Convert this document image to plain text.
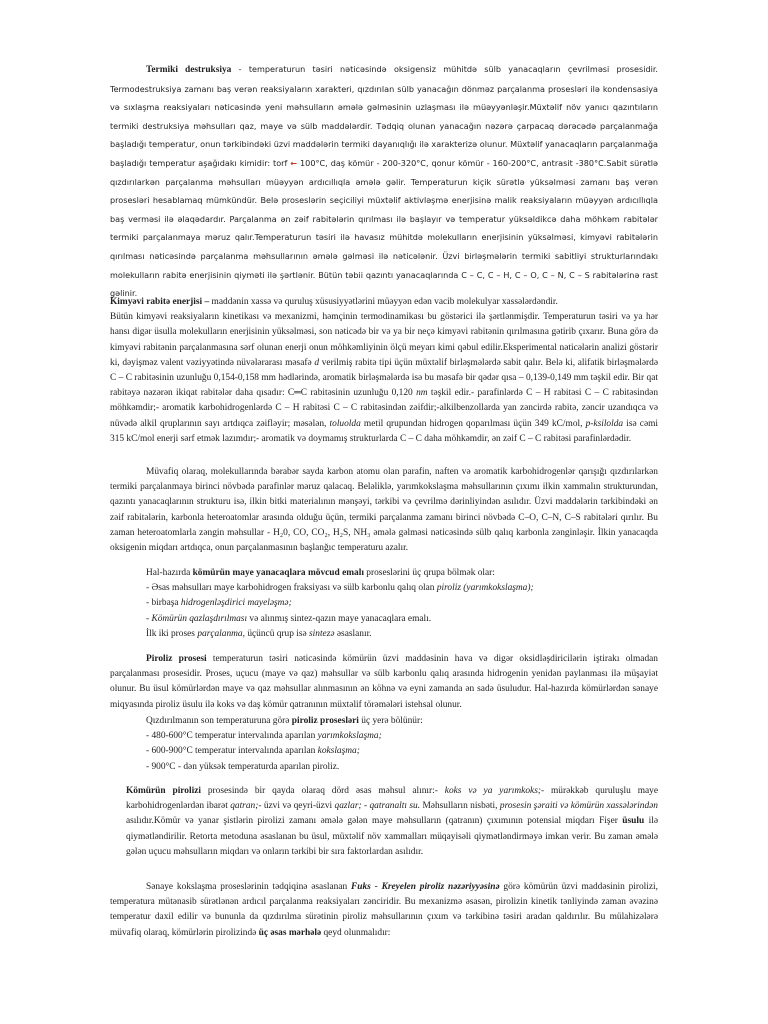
Termiki destruksiya - temperaturun təsiri nəticəsində oksigensiz mühitdə sülb yanacaqların çevrilməsi prosesidir. Termodestruksiya zamanı baş verən reaksiyaların xarakteri, qızdırılan sülb yanacağın dönməz parçalanma prosesləri ilə kondensasiya və sıxlaşma reaksiyaları nəticəsində yeni məhsulların əmələ gəlməsinin uzlaşması ilə müəyyənləşir.Müxtəlif növ yanıcı qazıntıların termiki destruksiya məhsulları qaz, maye və sülb maddələrdir. Tədqiq olunan yanacağın nəzərə çarpacaq dərəcədə parçalanmağa başladığı temperatur, onun tərkibindəki üzvi maddələrin termiki dayanıqlığı ilə xarakterizə olunur. Müxtəlif yanacaqların parçalanmağa başladığı temperatur aşağıdakı kimidir: torf ← 100°C, daş kömür - 200-320°C, qonur kömür - 160-200°C, antrasit -380°C.Sabit sürətlə qızdırılarkən parçalanma məhsulları müəyyən ardıcıllıqla əmələ gəlir. Temperaturun kiçik sürətlə yüksəlməsi zamanı baş verən prosesləri hesablamaq mümkündür. Belə proseslərin seçiciliyi müxtəlif aktivləşmə enerjisinə malik reaksiyaların müəyyən ardıcıllıqla baş verməsi ilə əlaqədardır. Parçalanma ən zəif rabitələrin qırılması ilə başlayır və temperatur yüksəldikcə daha möhkəm rabitələr termiki parçalanmaya məruz qalır.Temperaturun təsiri ilə havasız mühitdə molekulların enerjisinin yüksəlməsi, kimyəvi rabitələrin qırılması nəticəsində parçalanma məhsullarının əmələ gəlməsi ilə nəticələnir. Üzvi birləşmələrin termiki sabitliyi strukturlarındakı molekulların rabitə enerjisinin qiyməti ilə şərtlənir. Bütün təbii qazıntı yanacaqlarında C – C, C – H, C – O, C – N, C – S rabitələrinə rast gəlinir.

Kimyəvi rabitə enerjisi – maddənin xassə və quruluş xüsusiyyətlərini müəyyən edən vacib molekulyar xassələrdəndir.
Bütün kimyəvi reaksiyaların kinetikası və mexanizmi, həmçinin termodinamikası bu göstərici ilə şərtlənmişdir. Temperaturun təsiri və ya hər hansı digər üsulla molekulların enerjisinin yüksəlməsi, son nəticədə bir və ya bir neçə kimyəvi rabitənin qırılmasına gətirib çıxarır. Buna görə də kimyəvi rabitənin parçalanmasına sərf olunan enerji onun möhkəmliyinin ölçü meyarı kimi qəbul edilir.Eksperimental nəticələrin analizi göstərir ki, dəyişməz valent vəziyyətində nüvələrarası məsafə d verilmiş rabitə tipi üçün müxtəlif birləşmələrdə sabit qalır. Belə ki, alifatik birləşmələrdə C – C rabitəsinin uzunluğu 0,154-0,158 mm hədlərində, aromatik birləşmələrdə isə bu məsafə bir qədər qısa – 0,139-0,149 mm təşkil edir. Bir qat rabitəyə nəzərən ikiqat rabitələr daha qısadır: C═C rabitəsinin uzunluğu 0,120 nm təşkil edir.- parafinlərdə C – H rabitəsi C – C rabitəsindən möhkəmdir;- aromatik karbohidrogenlərdə C – H rabitəsi C – C rabitəsindən zəifdir;-alkilbenzollarda yan zəncirdə rabitə, zəncir uzandıqca və nüvədə alkil qruplarının sayı artdıqca zəifləyir; məsələn, toluolda metil qrupundan hidrogen qoparılması üçün 349 kC/mol, p-ksilolda isə cəmi 315 kC/mol enerji sərf etmək lazımdır;- aromatik və doymamış strukturlarda C – C daha möhkəmdir, ən zəif C – C rabitəsi parafinlərdədir.

Müvafiq olaraq, molekullarında bərabər sayda karbon atomu olan parafin, naften və aromatik karbohidrogenlər qarışığı qızdırılarkən termiki parçalanmaya birinci növbədə parafinlər məruz qalacaq. Beləliklə, yarımkokslaşma məhsullarının çıxımı ilkin xammalın strukturundan, qazıntı yanacaqlarının strukturu isə, ilkin bitki materialının mənşəyi, tərkibi və çevrilmə dərinliyindən asılıdır. Üzvi maddələrin tərkibindəki ən zəif rabitələrin, karbonla heteroatomlar arasında olduğu üçün, termiki parçalanma zamanı birinci növbədə C–O, C–N, C–S rabitələri qırılır. Bu zaman heteroatomlarla zəngin məhsullar - H₂0, CO, CO₂, H₂S, NH₃ əmələ gəlməsi nəticəsində sülb qalıq karbonla zənginləşir. İlkin yanacaqda oksigenin miqdarı artdıqca, onun parçalanmasının başlanğıc temperaturu azalır.

Hal-hazırda kömürün maye yanacaqlara mövcud emalı proseslərini üç qrupa bölmək olar:
- Əsas məhsulları maye karbohidrogen fraksiyası və sülb karbonlu qalıq olan piroliz (yarımkokslaşma);
- birbaşa hidrogenləşdirici mayeləşmə;
- Kömürün qazlaşdırılması və alınmış sintez-qazın maye yanacaqlara emalı.
İlk iki proses parçalanma, üçüncü qrup isə sintezə əsaslanır.

Piroliz prosesi temperaturun təsiri nəticəsində kömürün üzvi maddəsinin hava və digər oksidləşdiricilərin iştirakı olmadan parçalanması prosesidir. Proses, uçucu (maye və qaz) məhsullar və sülb karbonlu qalıq arasında hidrogenin yenidən paylanması ilə müşayiət olunur. Bu üsul kömürlərdən maye və qaz məhsullar alınmasının ən köhnə və eyni zamanda ən sadə üsuludur. Hal-hazırda kömürlərdən sənaye miqyasında piroliz üsulu ilə koks və daş kömür qatranının müxtəlif törəmələri istehsal olunur.

Qızdırılmanın son temperaturuna görə piroliz prosesləri üç yerə bölünür:
- 480-600°C temperatur intervalında aparılan yarımkokslaşma;
- 600-900°C temperatur intervalında aparılan kokslaşma;
- 900°C - dən yüksək temperaturda aparılan piroliz.

Kömürün pirolizi prosesində bir qayda olaraq dörd əsas məhsul alınır:- koks və ya yarımkoks;- mürəkkəb quruluşlu maye karbohidrogenlərdən ibarət qatran;- üzvi və qeyri-üzvi qazlar; - qatranaltı su. Məhsulların nisbəti, prosesin şəraiti və kömürün xassələrindən asılıdır.Kömür və yanar şistlərin pirolizi zamanı əmələ gələn maye məhsulların (qatranın) çıxımının potensial miqdarı Fişer üsulu ilə qiymətləndirilir. Retorta metoduna əsaslanan bu üsul, müxtəlif növ xammalları müqayisəli qiymətləndirməyə imkan verir. Bu zaman əmələ gələn uçucu məhsulların miqdarı və onların tərkibi bir sıra faktorlardan asılıdır.

Sənaye kokslaşma proseslərinin tədqiqinə əsaslanan Fuks - Kreyelen piroliz nəzəriyyəsinə görə kömürün üzvi maddəsinin pirolizi, temperatura mütənasib sürətlənən ardıcıl parçalanma reaksiyaları zənciridir. Bu mexanizmə əsasən, pirolizin kinetik tənliyində zaman əvəzinə temperatur daxil edilir və bununla da qızdırılma sürətinin piroliz məhsullarının çıxım və tərkibinə təsiri aradan qaldırılır. Bu mülahizələrə müvafiq olaraq, kömürlərin pirolizində üç əsas mərhələ qeyd olunmalıdır:
